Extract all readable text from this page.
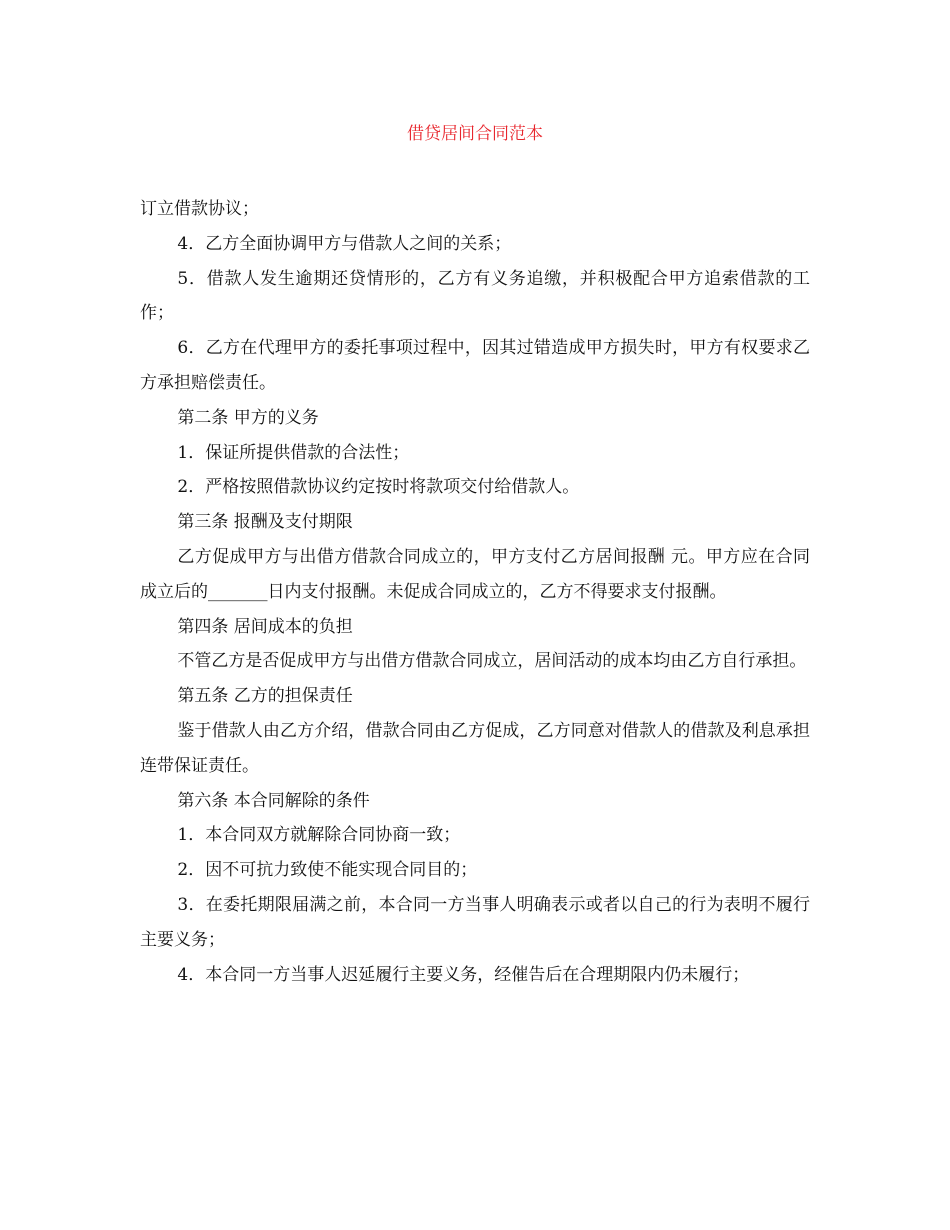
借贷居间合同范本

订立借款协议；

4．乙方全面协调甲方与借款人之间的关系；

5．借款人发生逾期还贷情形的，乙方有义务追缴，并积极配合甲方追索借款的工作；

6．乙方在代理甲方的委托事项过程中，因其过错造成甲方损失时，甲方有权要求乙方承担赔偿责任。

第二条 甲方的义务

1．保证所提供借款的合法性；

2．严格按照借款协议约定按时将款项交付给借款人。

第三条 报酬及支付期限

乙方促成甲方与出借方借款合同成立的，甲方支付乙方居间报酬 元。甲方应在合同成立后的_______日内支付报酬。未促成合同成立的，乙方不得要求支付报酬。

第四条 居间成本的负担

不管乙方是否促成甲方与出借方借款合同成立，居间活动的成本均由乙方自行承担。

第五条 乙方的担保责任

鉴于借款人由乙方介绍，借款合同由乙方促成，乙方同意对借款人的借款及利息承担连带保证责任。

第六条 本合同解除的条件

1．本合同双方就解除合同协商一致；

2．因不可抗力致使不能实现合同目的；

3．在委托期限届满之前，本合同一方当事人明确表示或者以自己的行为表明不履行主要义务；

4．本合同一方当事人迟延履行主要义务，经催告后在合理期限内仍未履行；
